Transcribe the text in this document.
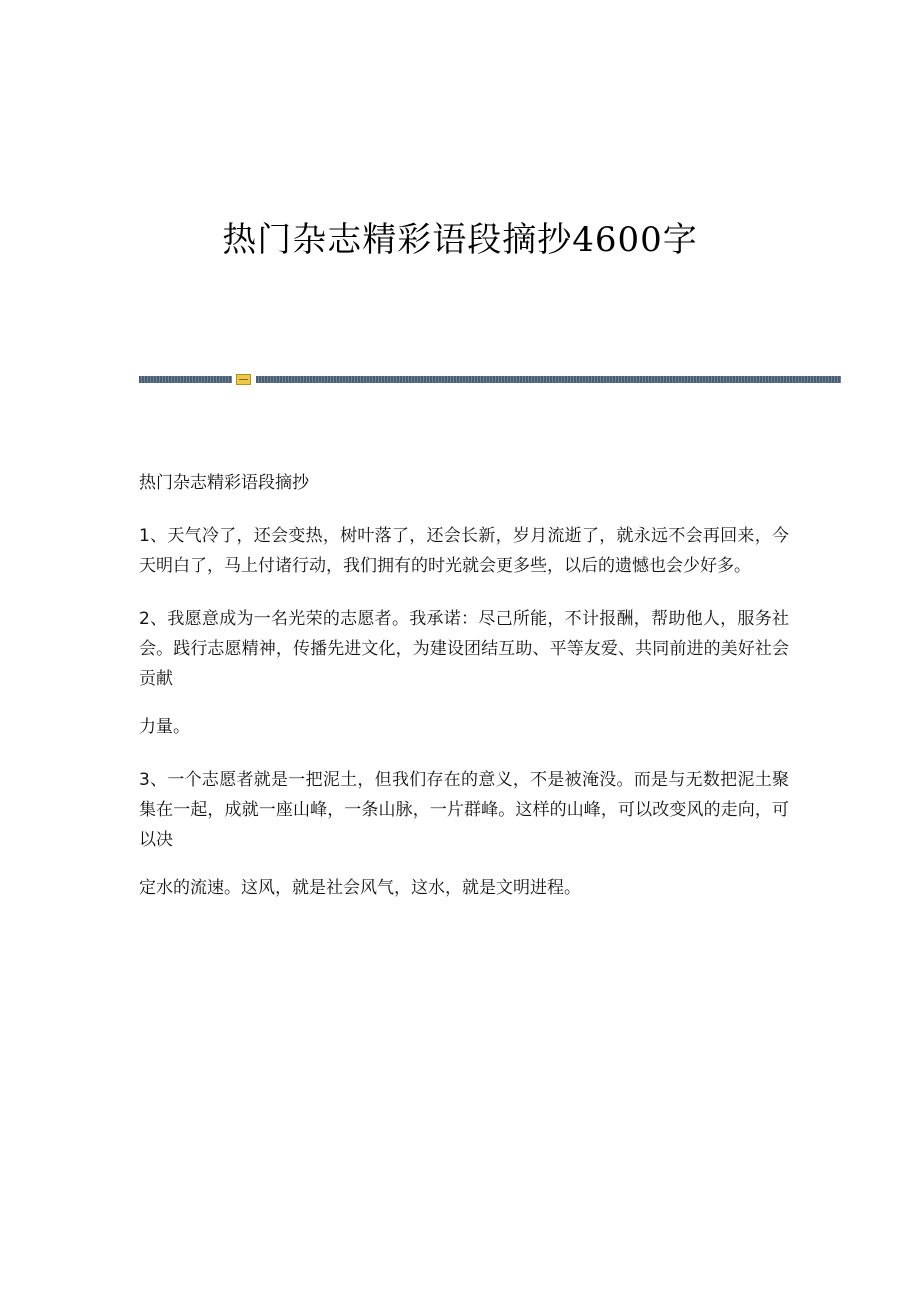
热门杂志精彩语段摘抄4600字

热门杂志精彩语段摘抄

1、天气冷了，还会变热，树叶落了，还会长新，岁月流逝了，就永远不会再回来，今天明白了，马上付诸行动，我们拥有的时光就会更多些，以后的遗憾也会少好多。

2、我愿意成为一名光荣的志愿者。我承诺：尽己所能，不计报酬，帮助他人，服务社会。践行志愿精神，传播先进文化，为建设团结互助、平等友爱、共同前进的美好社会贡献

力量。

3、一个志愿者就是一把泥土，但我们存在的意义，不是被淹没。而是与无数把泥土聚集在一起，成就一座山峰，一条山脉，一片群峰。这样的山峰，可以改变风的走向，可以决

定水的流速。这风，就是社会风气，这水，就是文明进程。
